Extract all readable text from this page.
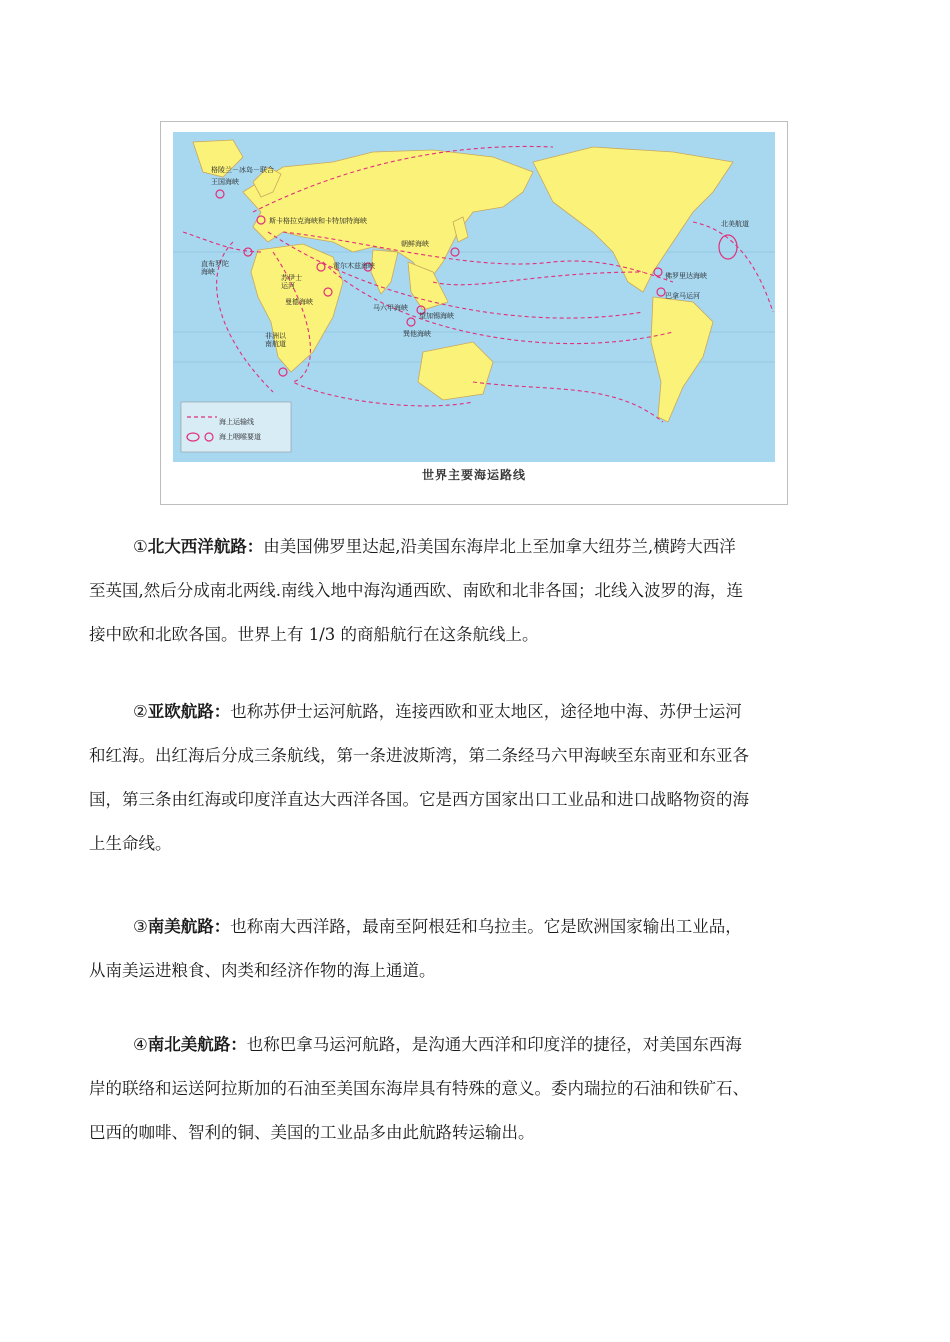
海上运输线
海上咽喉要道
格陵兰－冰岛－联合
王国海峡
斯卡格拉克海峡和卡特加特海峡
直布罗陀海峡
苏伊士运河
曼德海峡
霍尔木兹海峡
朝鲜海峡
马六甲海峡
望加锡海峡
巽他海峡
非洲以南航道
北美航道
佛罗里达海峡
巴拿马运河
世界主要海运路线
①北大西洋航路：由美国佛罗里达起,沿美国东海岸北上至加拿大纽芬兰,横跨大西洋
至英国,然后分成南北两线.南线入地中海沟通西欧、南欧和北非各国；北线入波罗的海，连
接中欧和北欧各国。世界上有 1/3 的商船航行在这条航线上。
②亚欧航路：也称苏伊士运河航路，连接西欧和亚太地区，途径地中海、苏伊士运河
和红海。出红海后分成三条航线，第一条进波斯湾，第二条经马六甲海峡至东南亚和东亚各
国，第三条由红海或印度洋直达大西洋各国。它是西方国家出口工业品和进口战略物资的海
上生命线。
③南美航路：也称南大西洋路，最南至阿根廷和乌拉圭。它是欧洲国家输出工业品，
从南美运进粮食、肉类和经济作物的海上通道。
④南北美航路：也称巴拿马运河航路，是沟通大西洋和印度洋的捷径，对美国东西海
岸的联络和运送阿拉斯加的石油至美国东海岸具有特殊的意义。委内瑞拉的石油和铁矿石、
巴西的咖啡、智利的铜、美国的工业品多由此航路转运输出。
